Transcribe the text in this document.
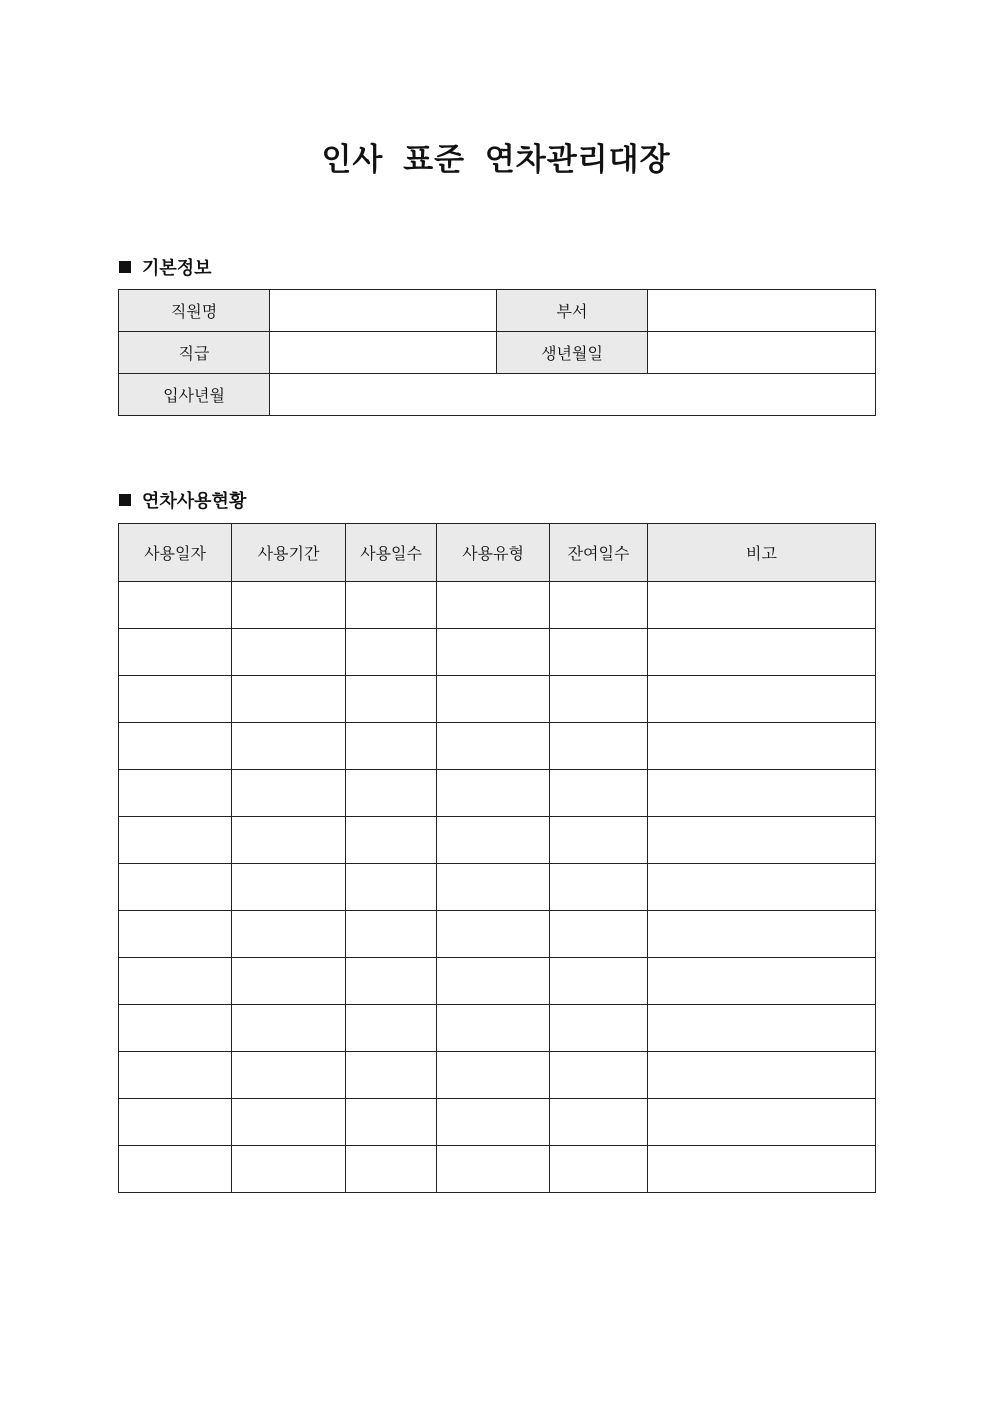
인사 표준 연차관리대장
기본정보
직원명		부서	
직급		생년월일	
입사년월			
연차사용현황
사용일자	사용기간	사용일수	사용유형	잔여일수	비고
